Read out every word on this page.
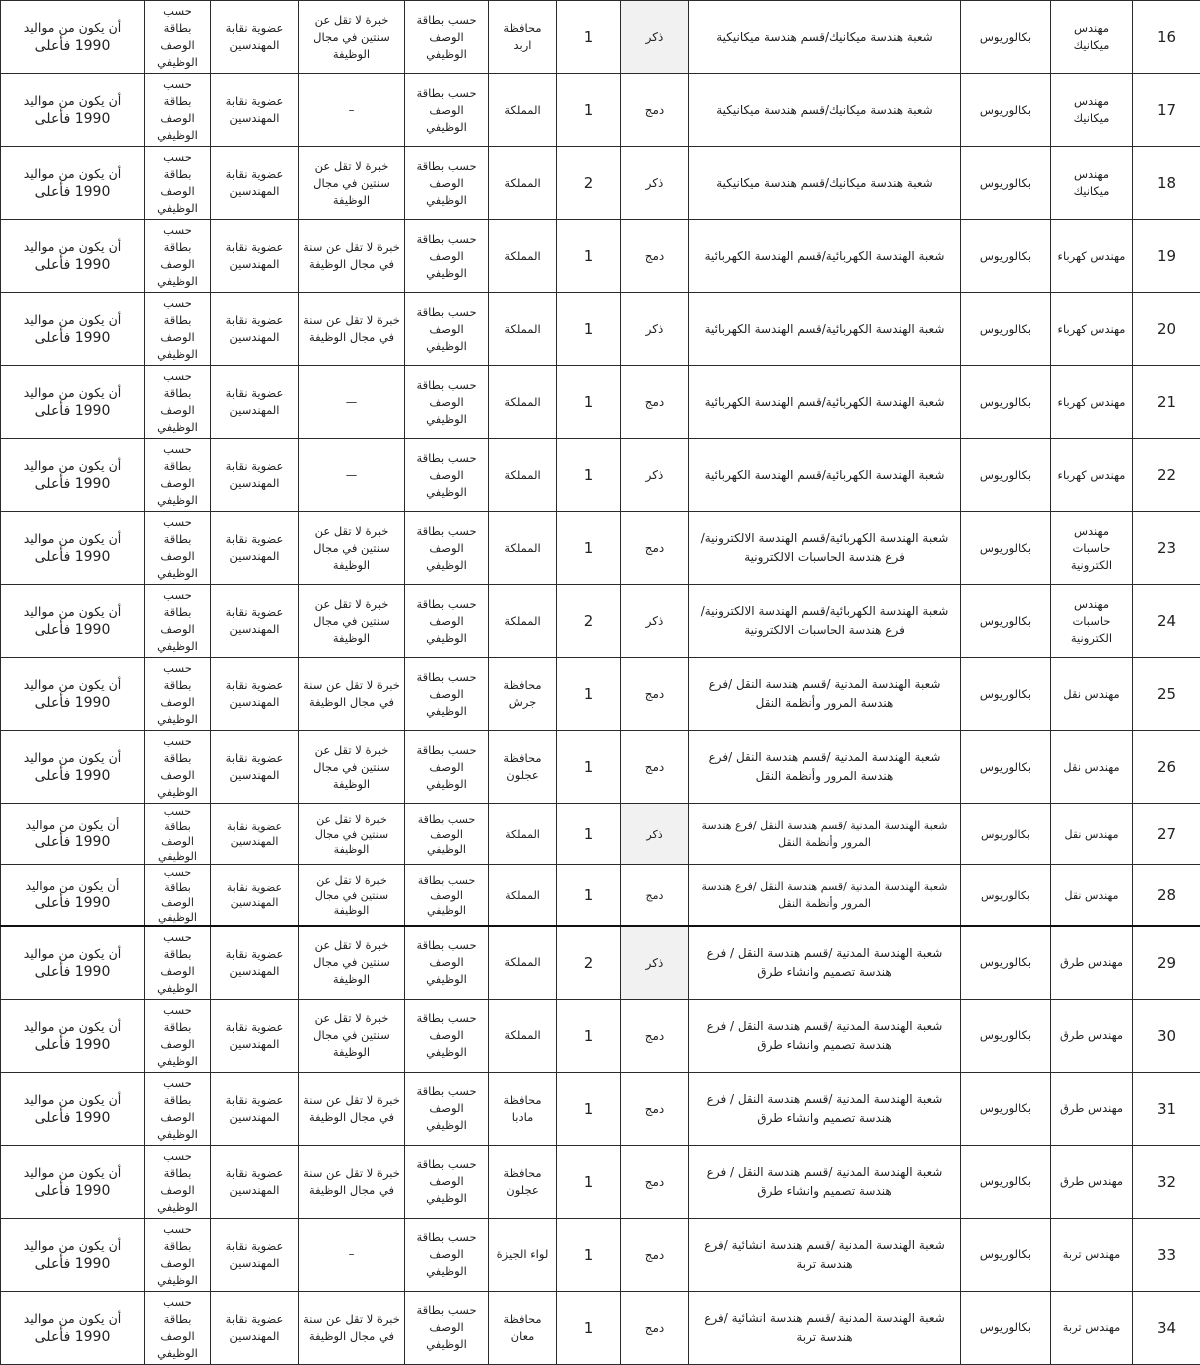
16	مهندس ميكانيك	بكالوريوس	شعبة هندسة ميكانيك/قسم هندسة ميكانيكية	ذكر	1	محافظة اربد	حسب بطاقة الوصف الوظيفي	خبرة لا تقل عن سنتين في مجال الوظيفة	عضوية نقابة المهندسين	حسب بطاقة الوصف الوظيفي	أن يكون من مواليد
1990 فأعلى

17	مهندس ميكانيك	بكالوريوس	شعبة هندسة ميكانيك/قسم هندسة ميكانيكية	دمج	1	المملكة	حسب بطاقة الوصف الوظيفي	–	عضوية نقابة المهندسين	حسب بطاقة الوصف الوظيفي	أن يكون من مواليد
1990 فأعلى

18	مهندس ميكانيك	بكالوريوس	شعبة هندسة ميكانيك/قسم هندسة ميكانيكية	ذكر	2	المملكة	حسب بطاقة الوصف الوظيفي	خبرة لا تقل عن سنتين في مجال الوظيفة	عضوية نقابة المهندسين	حسب بطاقة الوصف الوظيفي	أن يكون من مواليد
1990 فأعلى

19	مهندس كهرباء	بكالوريوس	شعبة الهندسة الكهربائية/قسم الهندسة الكهربائية	دمج	1	المملكة	حسب بطاقة الوصف الوظيفي	خبرة لا تقل عن سنة في مجال الوظيفة	عضوية نقابة المهندسين	حسب بطاقة الوصف الوظيفي	أن يكون من مواليد
1990 فأعلى

20	مهندس كهرباء	بكالوريوس	شعبة الهندسة الكهربائية/قسم الهندسة الكهربائية	ذكر	1	المملكة	حسب بطاقة الوصف الوظيفي	خبرة لا تقل عن سنة في مجال الوظيفة	عضوية نقابة المهندسين	حسب بطاقة الوصف الوظيفي	أن يكون من مواليد
1990 فأعلى

21	مهندس كهرباء	بكالوريوس	شعبة الهندسة الكهربائية/قسم الهندسة الكهربائية	دمج	1	المملكة	حسب بطاقة الوصف الوظيفي	—	عضوية نقابة المهندسين	حسب بطاقة الوصف الوظيفي	أن يكون من مواليد
1990 فأعلى

22	مهندس كهرباء	بكالوريوس	شعبة الهندسة الكهربائية/قسم الهندسة الكهربائية	ذكر	1	المملكة	حسب بطاقة الوصف الوظيفي	—	عضوية نقابة المهندسين	حسب بطاقة الوصف الوظيفي	أن يكون من مواليد
1990 فأعلى

23	مهندس حاسبات الكترونية	بكالوريوس	شعبة الهندسة الكهربائية/قسم الهندسة الالكترونية/فرع هندسة الحاسبات الالكترونية	دمج	1	المملكة	حسب بطاقة الوصف الوظيفي	خبرة لا تقل عن سنتين في مجال الوظيفة	عضوية نقابة المهندسين	حسب بطاقة الوصف الوظيفي	أن يكون من مواليد
1990 فأعلى

24	مهندس حاسبات الكترونية	بكالوريوس	شعبة الهندسة الكهربائية/قسم الهندسة الالكترونية/فرع هندسة الحاسبات الالكترونية	ذكر	2	المملكة	حسب بطاقة الوصف الوظيفي	خبرة لا تقل عن سنتين في مجال الوظيفة	عضوية نقابة المهندسين	حسب بطاقة الوصف الوظيفي	أن يكون من مواليد
1990 فأعلى

25	مهندس نقل	بكالوريوس	شعبة الهندسة المدنية /قسم هندسة النقل /فرع هندسة المرور وأنظمة النقل	دمج	1	محافظة جرش	حسب بطاقة الوصف الوظيفي	خبرة لا تقل عن سنة في مجال الوظيفة	عضوية نقابة المهندسين	حسب بطاقة الوصف الوظيفي	أن يكون من مواليد
1990 فأعلى

26	مهندس نقل	بكالوريوس	شعبة الهندسة المدنية /قسم هندسة النقل /فرع هندسة المرور وأنظمة النقل	دمج	1	محافظة عجلون	حسب بطاقة الوصف الوظيفي	خبرة لا تقل عن سنتين في مجال الوظيفة	عضوية نقابة المهندسين	حسب بطاقة الوصف الوظيفي	أن يكون من مواليد
1990 فأعلى

27	مهندس نقل	بكالوريوس	شعبة الهندسة المدنية /قسم هندسة النقل /فرع هندسة المرور وأنظمة النقل	ذكر	1	المملكة	حسب بطاقة الوصف الوظيفي	خبرة لا تقل عن سنتين في مجال الوظيفة	عضوية نقابة المهندسين	حسب بطاقة الوصف الوظيفي	أن يكون من مواليد
1990 فأعلى

28	مهندس نقل	بكالوريوس	شعبة الهندسة المدنية /قسم هندسة النقل /فرع هندسة المرور وأنظمة النقل	دمج	1	المملكة	حسب بطاقة الوصف الوظيفي	خبرة لا تقل عن سنتين في مجال الوظيفة	عضوية نقابة المهندسين	حسب بطاقة الوصف الوظيفي	أن يكون من مواليد
1990 فأعلى

29	مهندس طرق	بكالوريوس	شعبة الهندسة المدنية /قسم هندسة النقل / فرع هندسة تصميم وانشاء طرق	ذكر	2	المملكة	حسب بطاقة الوصف الوظيفي	خبرة لا تقل عن سنتين في مجال الوظيفة	عضوية نقابة المهندسين	حسب بطاقة الوصف الوظيفي	أن يكون من مواليد
1990 فأعلى

30	مهندس طرق	بكالوريوس	شعبة الهندسة المدنية /قسم هندسة النقل / فرع هندسة تصميم وانشاء طرق	دمج	1	المملكة	حسب بطاقة الوصف الوظيفي	خبرة لا تقل عن سنتين في مجال الوظيفة	عضوية نقابة المهندسين	حسب بطاقة الوصف الوظيفي	أن يكون من مواليد
1990 فأعلى

31	مهندس طرق	بكالوريوس	شعبة الهندسة المدنية /قسم هندسة النقل / فرع هندسة تصميم وانشاء طرق	دمج	1	محافظة مادبا	حسب بطاقة الوصف الوظيفي	خبرة لا تقل عن سنة في مجال الوظيفة	عضوية نقابة المهندسين	حسب بطاقة الوصف الوظيفي	أن يكون من مواليد
1990 فأعلى

32	مهندس طرق	بكالوريوس	شعبة الهندسة المدنية /قسم هندسة النقل / فرع هندسة تصميم وانشاء طرق	دمج	1	محافظة عجلون	حسب بطاقة الوصف الوظيفي	خبرة لا تقل عن سنة في مجال الوظيفة	عضوية نقابة المهندسين	حسب بطاقة الوصف الوظيفي	أن يكون من مواليد
1990 فأعلى

33	مهندس تربة	بكالوريوس	شعبة الهندسة المدنية /قسم هندسة انشائية /فرع هندسة تربة	دمج	1	لواء الجيزة	حسب بطاقة الوصف الوظيفي	–	عضوية نقابة المهندسين	حسب بطاقة الوصف الوظيفي	أن يكون من مواليد
1990 فأعلى

34	مهندس تربة	بكالوريوس	شعبة الهندسة المدنية /قسم هندسة انشائية /فرع هندسة تربة	دمج	1	محافظة معان	حسب بطاقة الوصف الوظيفي	خبرة لا تقل عن سنة في مجال الوظيفة	عضوية نقابة المهندسين	حسب بطاقة الوصف الوظيفي	أن يكون من مواليد
1990 فأعلى
